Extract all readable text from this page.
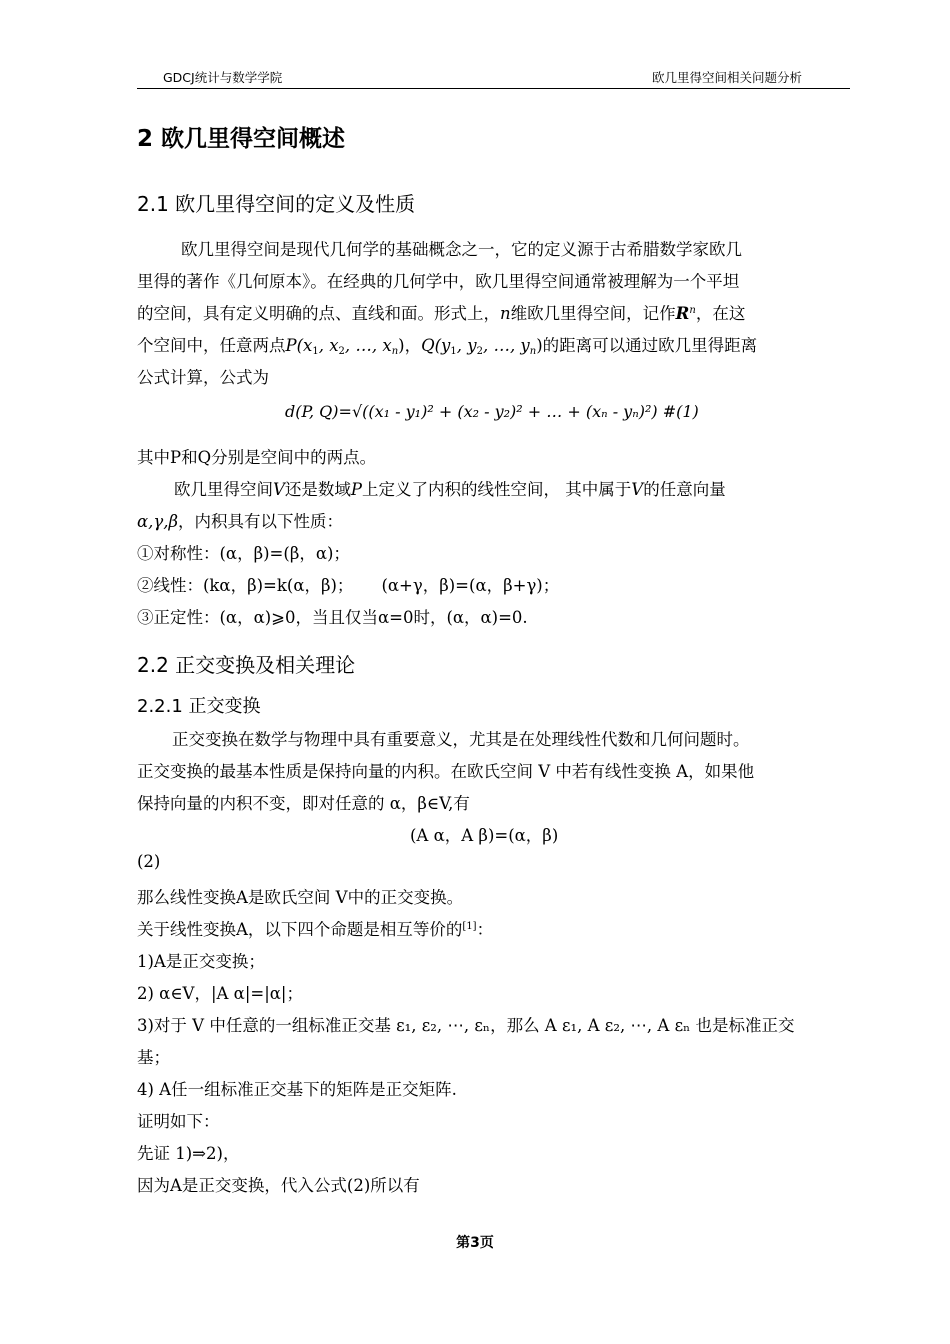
GDCJ统计与数学学院	欧几里得空间相关问题分析
2 欧几里得空间概述
2.1 欧几里得空间的定义及性质
欧几里得空间是现代几何学的基础概念之一，它的定义源于古希腊数学家欧几
里得的著作《几何原本》。在经典的几何学中，欧几里得空间通常被理解为一个平坦
的空间，具有定义明确的点、直线和面。形式上，n维欧几里得空间，记作$R^n$，在这
个空间中，任意两点$P(x_1$, $x_2$, …, $x_n$)，$Q(y_1$, $y_2$, …, $y_n$)的距离可以通过欧几里得距离
公式计算，公式为
d(P, Q)=√((x₁ - y₁)² + (x₂ - y₂)² + … + (xₙ - yₙ)²) #(1)
其中P和Q分别是空间中的两点。
欧几里得空间V还是数域P上定义了内积的线性空间， 其中属于V的任意向量
α,γ,β，内积具有以下性质：
①对称性：(α，β)=(β，α)；
②线性：(kα，β)=k(α，β)； (α+γ，β)=(α，β+γ)；
③正定性：(α，α)⩾0，当且仅当α=0时，(α，α)=0.
2.2 正交变换及相关理论
2.2.1 正交变换
正交变换在数学与物理中具有重要意义，尤其是在处理线性代数和几何问题时。
正交变换的最基本性质是保持向量的内积。在欧氏空间 V 中若有线性变换 A，如果他
保持向量的内积不变，即对任意的 α，β∈V,有
(A α，A β)=(α，β)
(2)
那么线性变换A是欧氏空间 V中的正交变换。
关于线性变换A，以下四个命题是相互等价的[1]：
1)A是正交变换；
2) α∈V，|A α|=|α|；
3)对于 V 中任意的一组标准正交基 ε₁, ε₂, ⋯, εₙ，那么 A ε₁, A ε₂, ⋯, A εₙ 也是标准正交
基；
4) A任一组标准正交基下的矩阵是正交矩阵.
证明如下：
先证 1)⇒2)，
因为A是正交变换，代入公式(2)所以有
第3页
